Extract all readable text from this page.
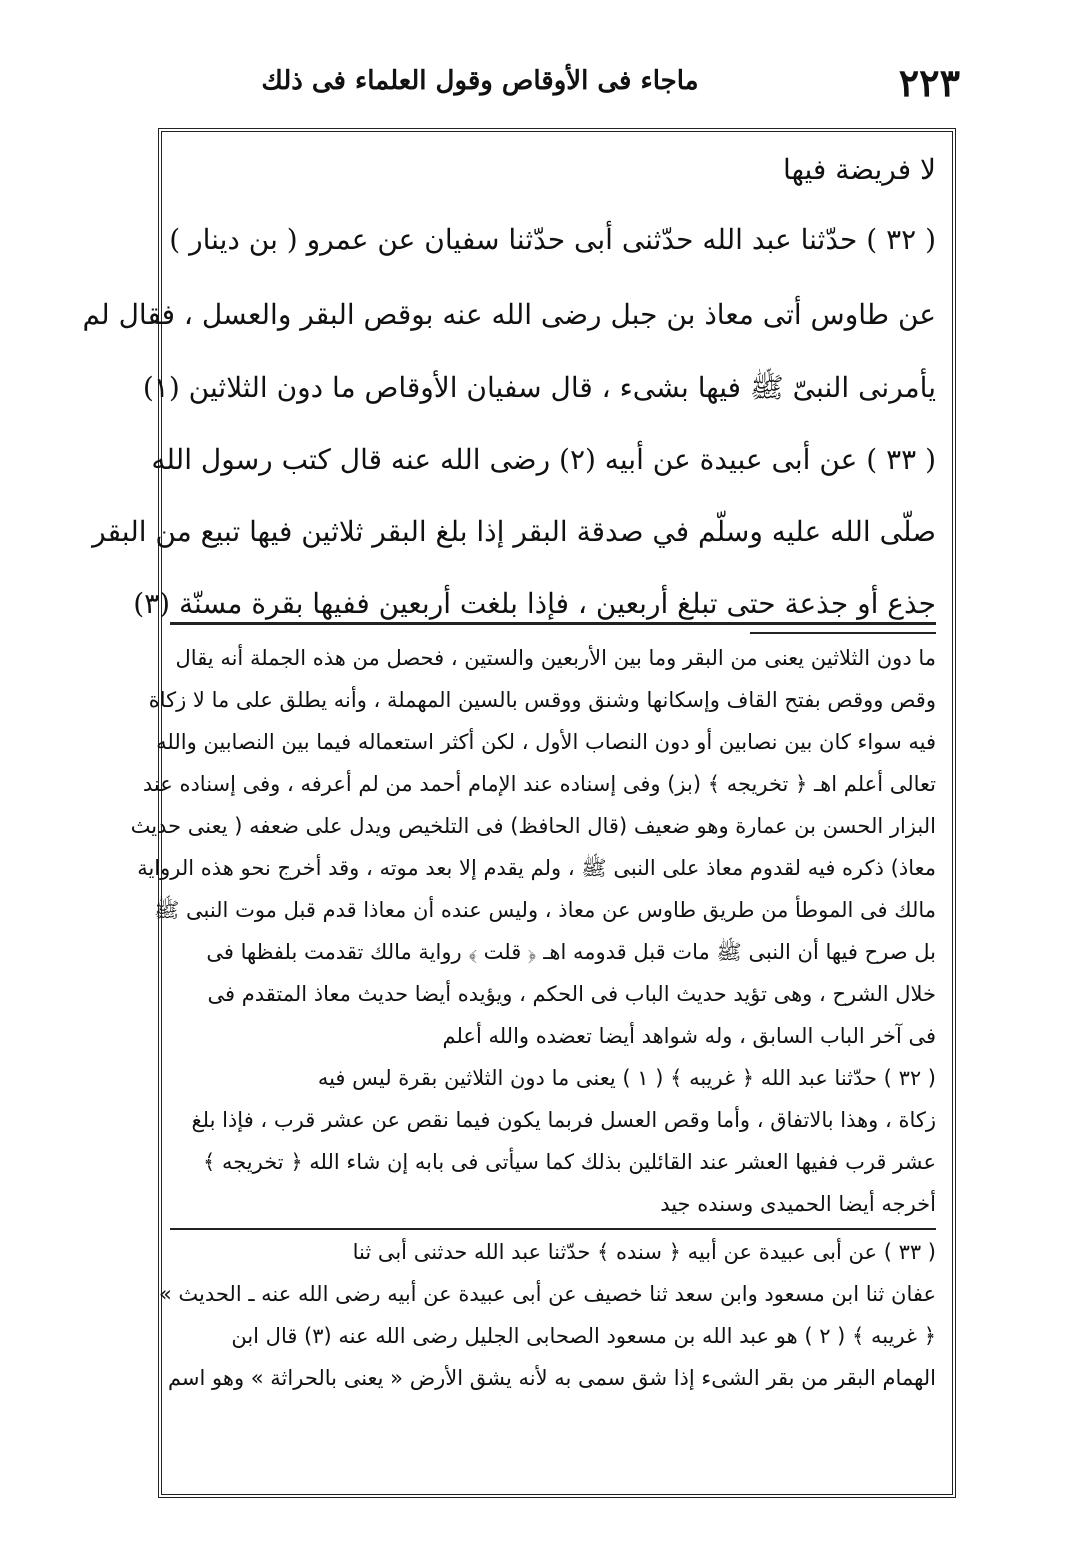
٢٢٣
ماجاء فى الأوقاص وقول العلماء فى ذلك
لا فريضة فيها
( ٣٢ ) حدّثنا عبد الله حدّثنى أبى حدّثنا سفيان عن عمرو ( بن دينار )
عن طاوس أتى معاذ بن جبل رضى الله عنه بوقص البقر والعسل ، فقال لم
يأمرنى النبىّ ﷺ فيها بشىء ، قال سفيان الأوقاص ما دون الثلاثين (١)
( ٣٣ ) عن أبى عبيدة عن أبيه (٢) رضى الله عنه قال كتب رسول الله
صلّى الله عليه وسلّم في صدقة البقر إذا بلغ البقر ثلاثين فيها تبيع من البقر
جذع أو جذعة حتى تبلغ أربعين ، فإذا بلغت أربعين ففيها بقرة مسنّة (٣)
ما دون الثلاثين يعنى من البقر وما بين الأربعين والستين ، فحصل من هذه الجملة أنه يقال
وقص ووقص بفتح القاف وإسكانها وشنق ووقس بالسين المهملة ، وأنه يطلق على ما لا زكاة
فيه سواء كان بين نصابين أو دون النصاب الأول ، لكن أكثر استعماله فيما بين النصابين والله
تعالى أعلم اهـ ﴿ تخريجه ﴾ (بز) وفى إسناده عند الإمام أحمد من لم أعرفه ، وفى إسناده عند
البزار الحسن بن عمارة وهو ضعيف (قال الحافظ) فى التلخيص ويدل على ضعفه ( يعنى حديث
معاذ) ذكره فيه لقدوم معاذ على النبى ﷺ ، ولم يقدم إلا بعد موته ، وقد أخرج نحو هذه الرواية
مالك فى الموطأ من طريق طاوس عن معاذ ، وليس عنده أن معاذا قدم قبل موت النبى ﷺ
بل صرح فيها أن النبى ﷺ مات قبل قدومه اهـ ﴿ قلت ﴾ رواية مالك تقدمت بلفظها فى
خلال الشرح ، وهى تؤيد حديث الباب فى الحكم ، ويؤيده أيضا حديث معاذ المتقدم فى
فى آخر الباب السابق ، وله شواهد أيضا تعضده والله أعلم
( ٣٢ ) حدّثنا عبد الله ﴿ غريبه ﴾ ( ١ ) يعنى ما دون الثلاثين بقرة ليس فيه
زكاة ، وهذا بالاتفاق ، وأما وقص العسل فربما يكون فيما نقص عن عشر قرب ، فإذا بلغ
عشر قرب ففيها العشر عند القائلين بذلك كما سيأتى فى بابه إن شاء الله ﴿ تخريجه ﴾
أخرجه أيضا الحميدى وسنده جيد
( ٣٣ ) عن أبى عبيدة عن أبيه ﴿ سنده ﴾ حدّثنا عبد الله حدثنى أبى ثنا
عفان ثنا ابن مسعود وابن سعد ثنا خصيف عن أبى عبيدة عن أبيه رضى الله عنه ـ الحديث »
﴿ غريبه ﴾ ( ٢ ) هو عبد الله بن مسعود الصحابى الجليل رضى الله عنه (٣) قال ابن
الهمام البقر من بقر الشىء إذا شق سمى به لأنه يشق الأرض « يعنى بالحراثة » وهو اسم
